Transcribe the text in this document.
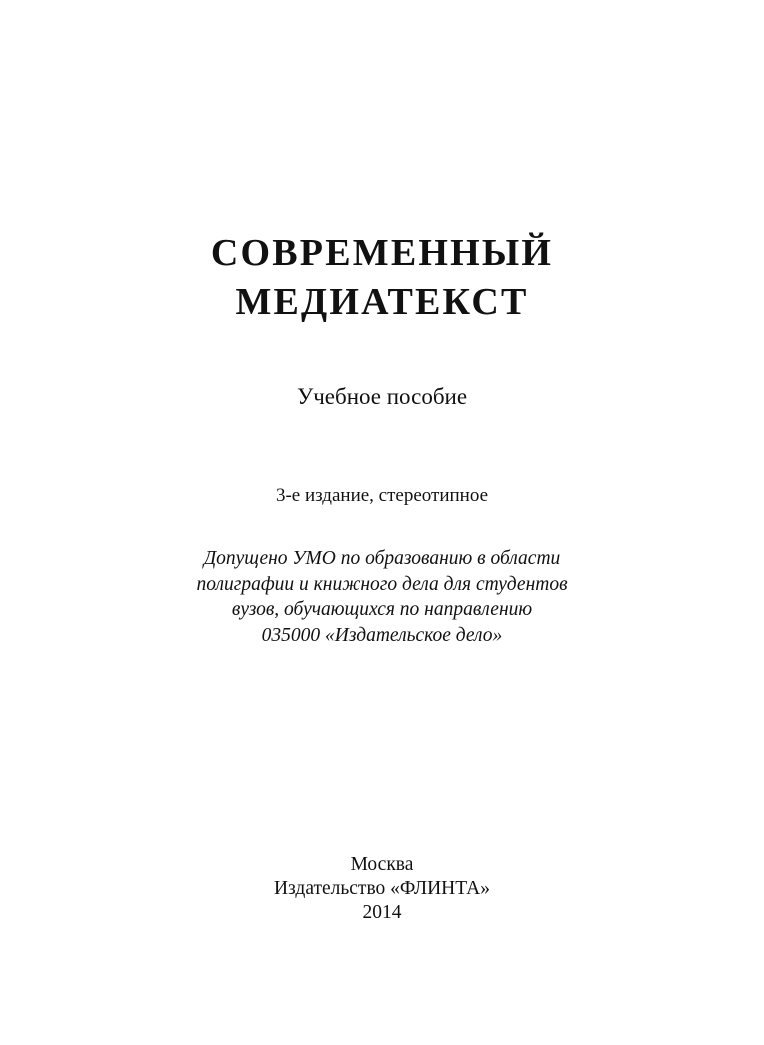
СОВРЕМЕННЫЙ
МЕДИАТЕКСТ
Учебное пособие
3-е издание, стереотипное
Допущено УМО по образованию в области
полиграфии и книжного дела для студентов
вузов, обучающихся по направлению
035000 «Издательское дело»
Москва
Издательство «ФЛИНТА»
2014
